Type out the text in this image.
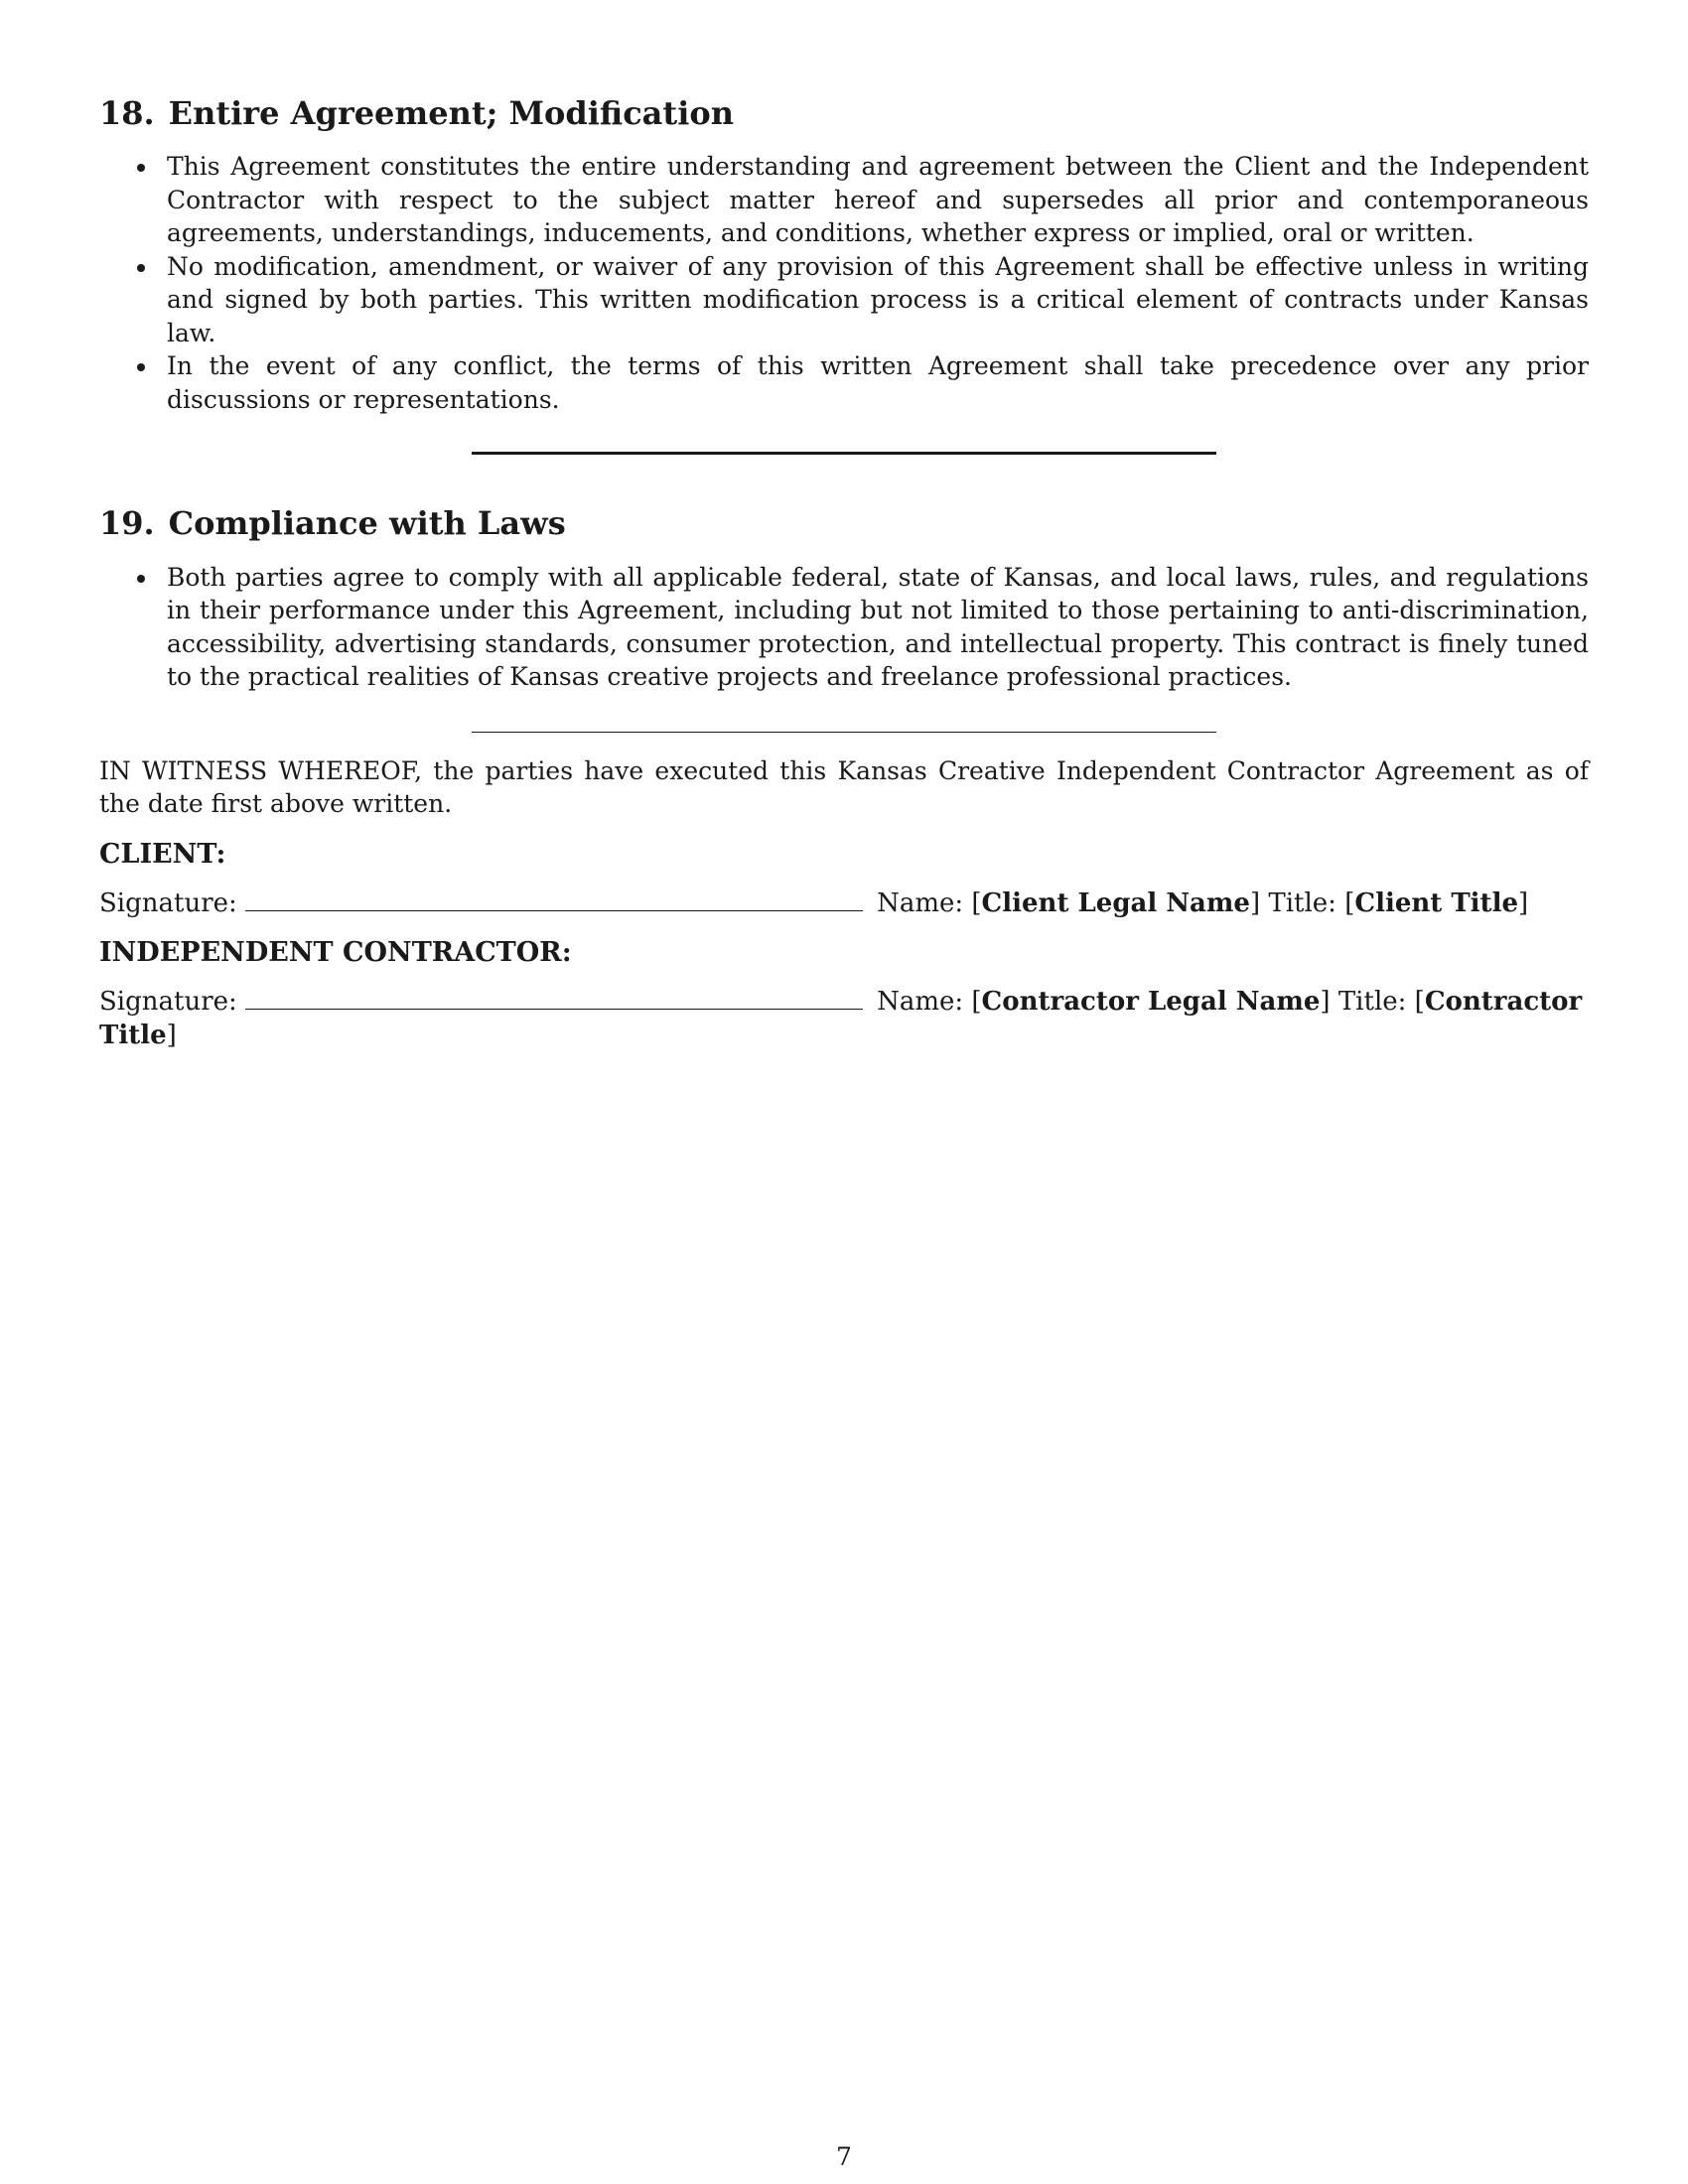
18. Entire Agreement; Modification
This Agreement constitutes the entire understanding and agreement between the Client and the Independent Contractor with respect to the subject matter hereof and supersedes all prior and contemporaneous agreements, understandings, inducements, and conditions, whether express or implied, oral or written.
No modification, amendment, or waiver of any provision of this Agreement shall be effective unless in writing and signed by both parties. This written modification process is a critical element of contracts under Kansas law.
In the event of any conflict, the terms of this written Agreement shall take precedence over any prior discussions or representations.
19. Compliance with Laws
Both parties agree to comply with all applicable federal, state of Kansas, and local laws, rules, and regulations in their performance under this Agreement, including but not limited to those pertaining to anti-discrimination, accessibility, advertising standards, consumer protection, and intellectual property. This contract is finely tuned to the practical realities of Kansas creative projects and freelance professional practices.

IN WITNESS WHEREOF, the parties have executed this Kansas Creative Independent Contractor Agreement as of the date first above written.

CLIENT:

Signature:	Name: [Client Legal Name] Title: [Client Title]

INDEPENDENT CONTRACTOR:

Signature:	Name: [Contractor Legal Name] Title: [Contractor Title]

7
